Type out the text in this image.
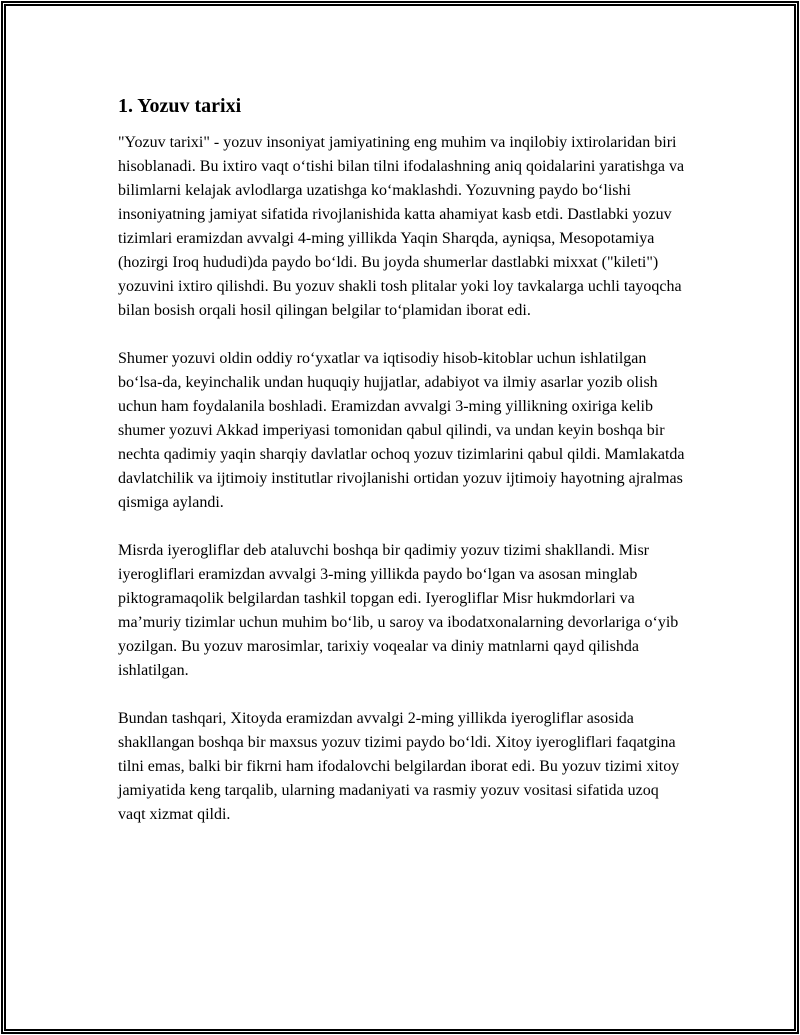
1. Yozuv tarixi

"Yozuv tarixi" - yozuv insoniyat jamiyatining eng muhim va inqilobiy ixtirolaridan biri hisoblanadi. Bu ixtiro vaqt o‘tishi bilan tilni ifodalashning aniq qoidalarini yaratishga va bilimlarni kelajak avlodlarga uzatishga ko‘maklashdi. Yozuvning paydo bo‘lishi insoniyatning jamiyat sifatida rivojlanishida katta ahamiyat kasb etdi. Dastlabki yozuv tizimlari eramizdan avvalgi 4-ming yillikda Yaqin Sharqda, ayniqsa, Mesopotamiya (hozirgi Iroq hududi)da paydo bo‘ldi. Bu joyda shumerlar dastlabki mixxat ("kileti") yozuvini ixtiro qilishdi. Bu yozuv shakli tosh plitalar yoki loy tavkalarga uchli tayoqcha bilan bosish orqali hosil qilingan belgilar to‘plamidan iborat edi.

Shumer yozuvi oldin oddiy ro‘yxatlar va iqtisodiy hisob-kitoblar uchun ishlatilgan bo‘lsa-da, keyinchalik undan huquqiy hujjatlar, adabiyot va ilmiy asarlar yozib olish uchun ham foydalanila boshladi. Eramizdan avvalgi 3-ming yillikning oxiriga kelib shumer yozuvi Akkad imperiyasi tomonidan qabul qilindi, va undan keyin boshqa bir nechta qadimiy yaqin sharqiy davlatlar ochoq yozuv tizimlarini qabul qildi. Mamlakatda davlatchilik va ijtimoiy institutlar rivojlanishi ortidan yozuv ijtimoiy hayotning ajralmas qismiga aylandi.

Misrda iyerogliflar deb ataluvchi boshqa bir qadimiy yozuv tizimi shakllandi. Misr iyerogliflari eramizdan avvalgi 3-ming yillikda paydo bo‘lgan va asosan minglab piktogramaqolik belgilardan tashkil topgan edi. Iyerogliflar Misr hukmdorlari va ma’muriy tizimlar uchun muhim bo‘lib, u saroy va ibodatxonalarning devorlariga o‘yib yozilgan. Bu yozuv marosimlar, tarixiy voqealar va diniy matnlarni qayd qilishda ishlatilgan.

Bundan tashqari, Xitoyda eramizdan avvalgi 2-ming yillikda iyerogliflar asosida shakllangan boshqa bir maxsus yozuv tizimi paydo bo‘ldi. Xitoy iyerogliflari faqatgina tilni emas, balki bir fikrni ham ifodalovchi belgilardan iborat edi. Bu yozuv tizimi xitoy jamiyatida keng tarqalib, ularning madaniyati va rasmiy yozuv vositasi sifatida uzoq vaqt xizmat qildi.
